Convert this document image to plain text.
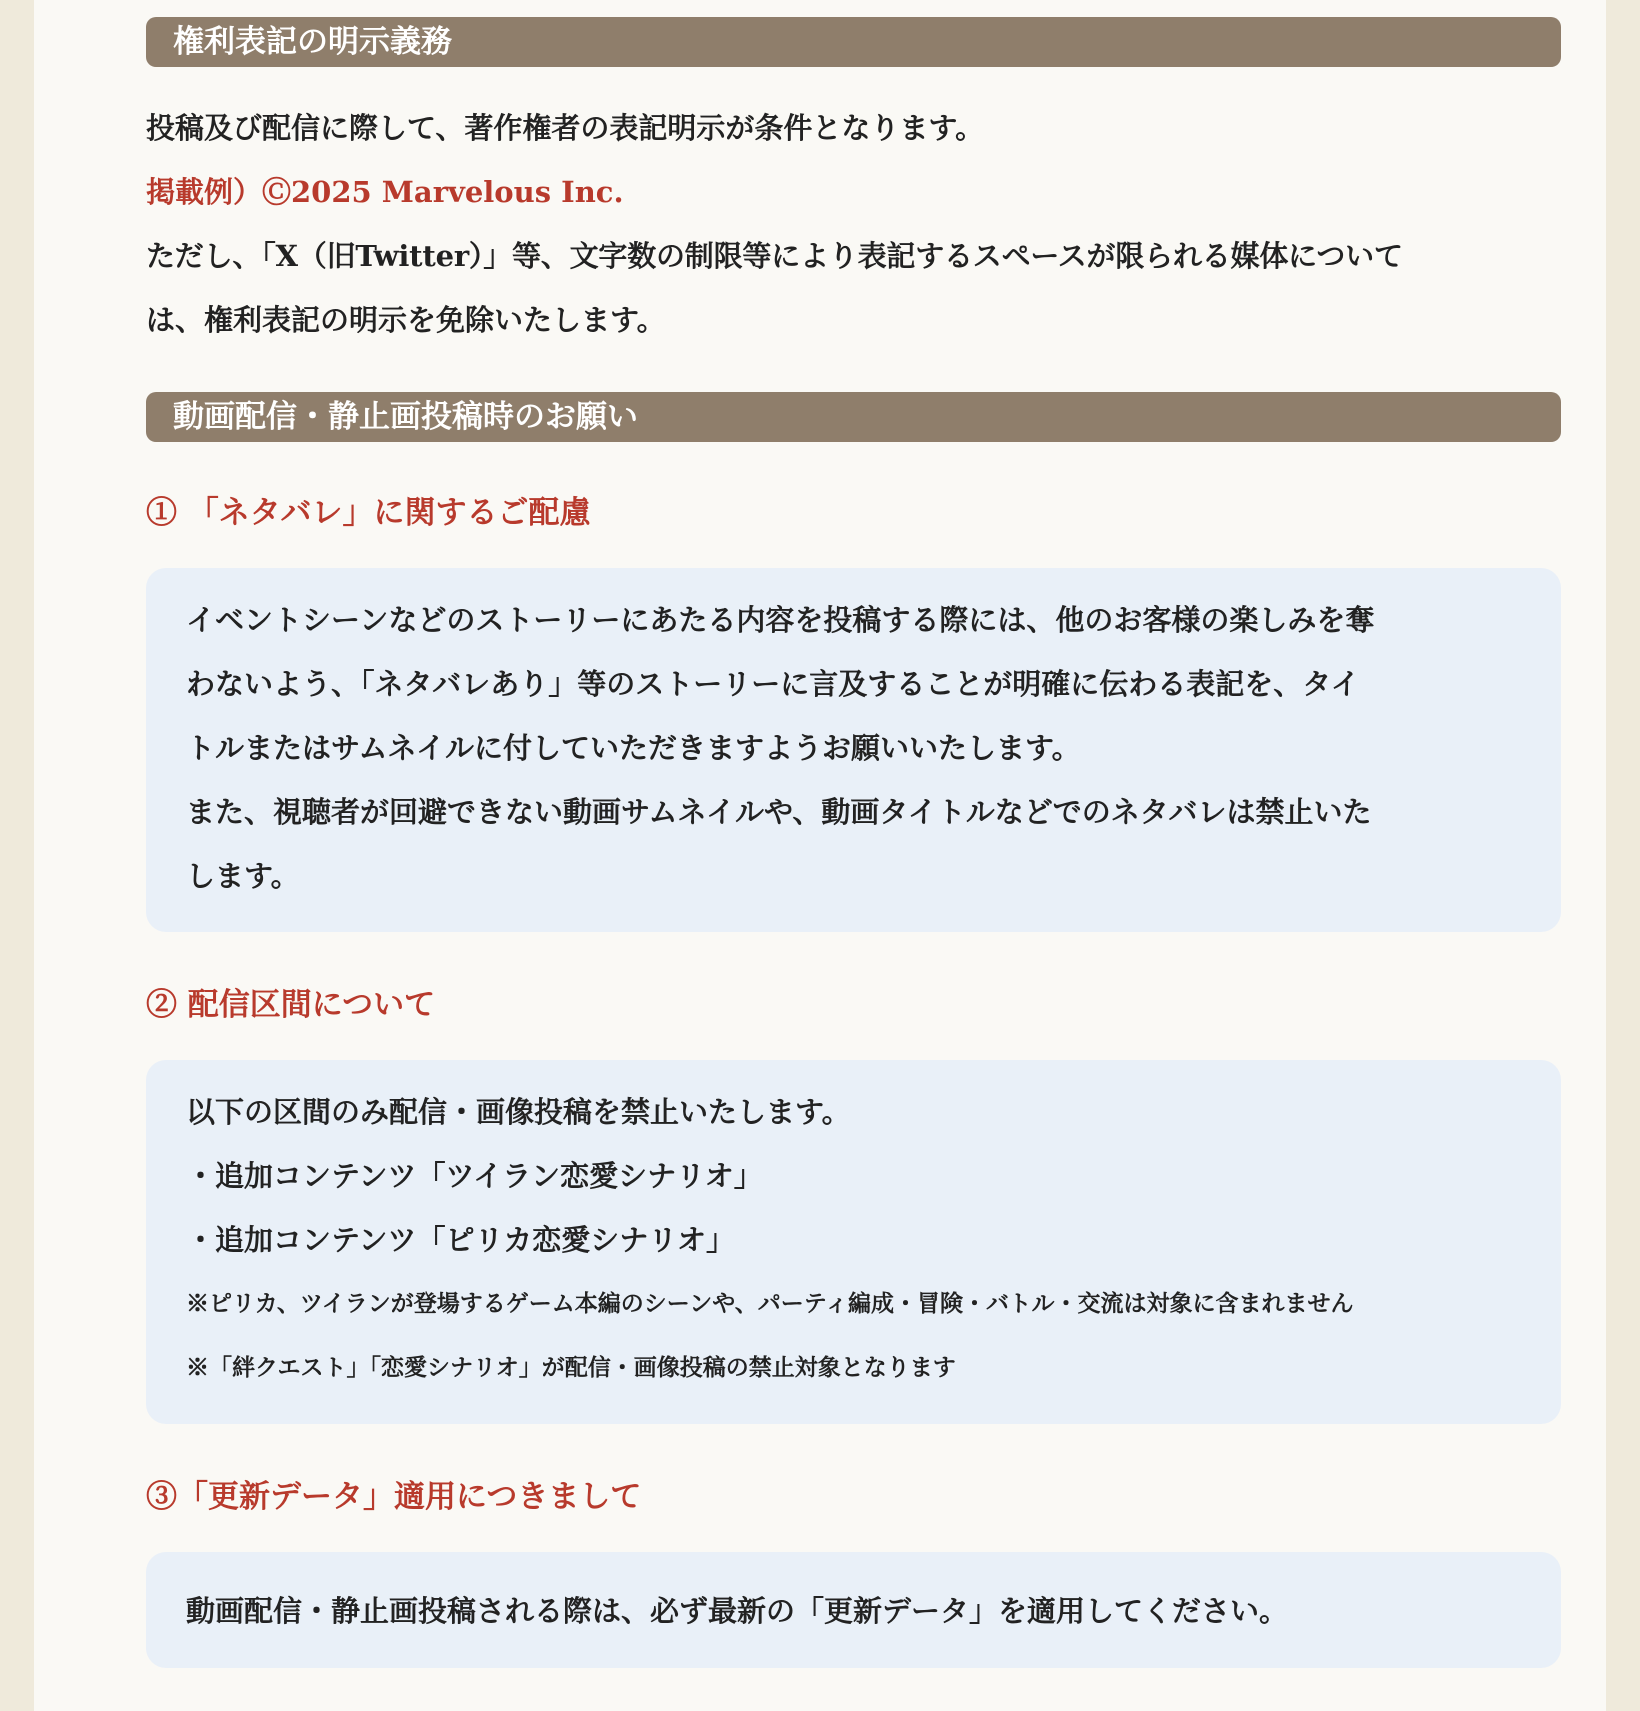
権利表記の明示義務

投稿及び配信に際して、著作権者の表記明示が条件となります。

掲載例）Ⓒ2025 Marvelous Inc.

ただし、「X（旧Twitter）」等、文字数の制限等により表記するスペースが限られる媒体について

は、権利表記の明示を免除いたします。

動画配信・静止画投稿時のお願い

① 「ネタバレ」に関するご配慮

イベントシーンなどのストーリーにあたる内容を投稿する際には、他のお客様の楽しみを奪

わないよう、「ネタバレあり」等のストーリーに言及することが明確に伝わる表記を、タイ

トルまたはサムネイルに付していただきますようお願いいたします。

また、視聴者が回避できない動画サムネイルや、動画タイトルなどでのネタバレは禁止いた

します。

② 配信区間について

以下の区間のみ配信・画像投稿を禁止いたします。

・追加コンテンツ「ツイラン恋愛シナリオ」

・追加コンテンツ「ピリカ恋愛シナリオ」

※ピリカ、ツイランが登場するゲーム本編のシーンや、パーティ編成・冒険・バトル・交流は対象に含まれません

※「絆クエスト」「恋愛シナリオ」が配信・画像投稿の禁止対象となります

③「更新データ」適用につきまして

動画配信・静止画投稿される際は、必ず最新の「更新データ」を適用してください。
